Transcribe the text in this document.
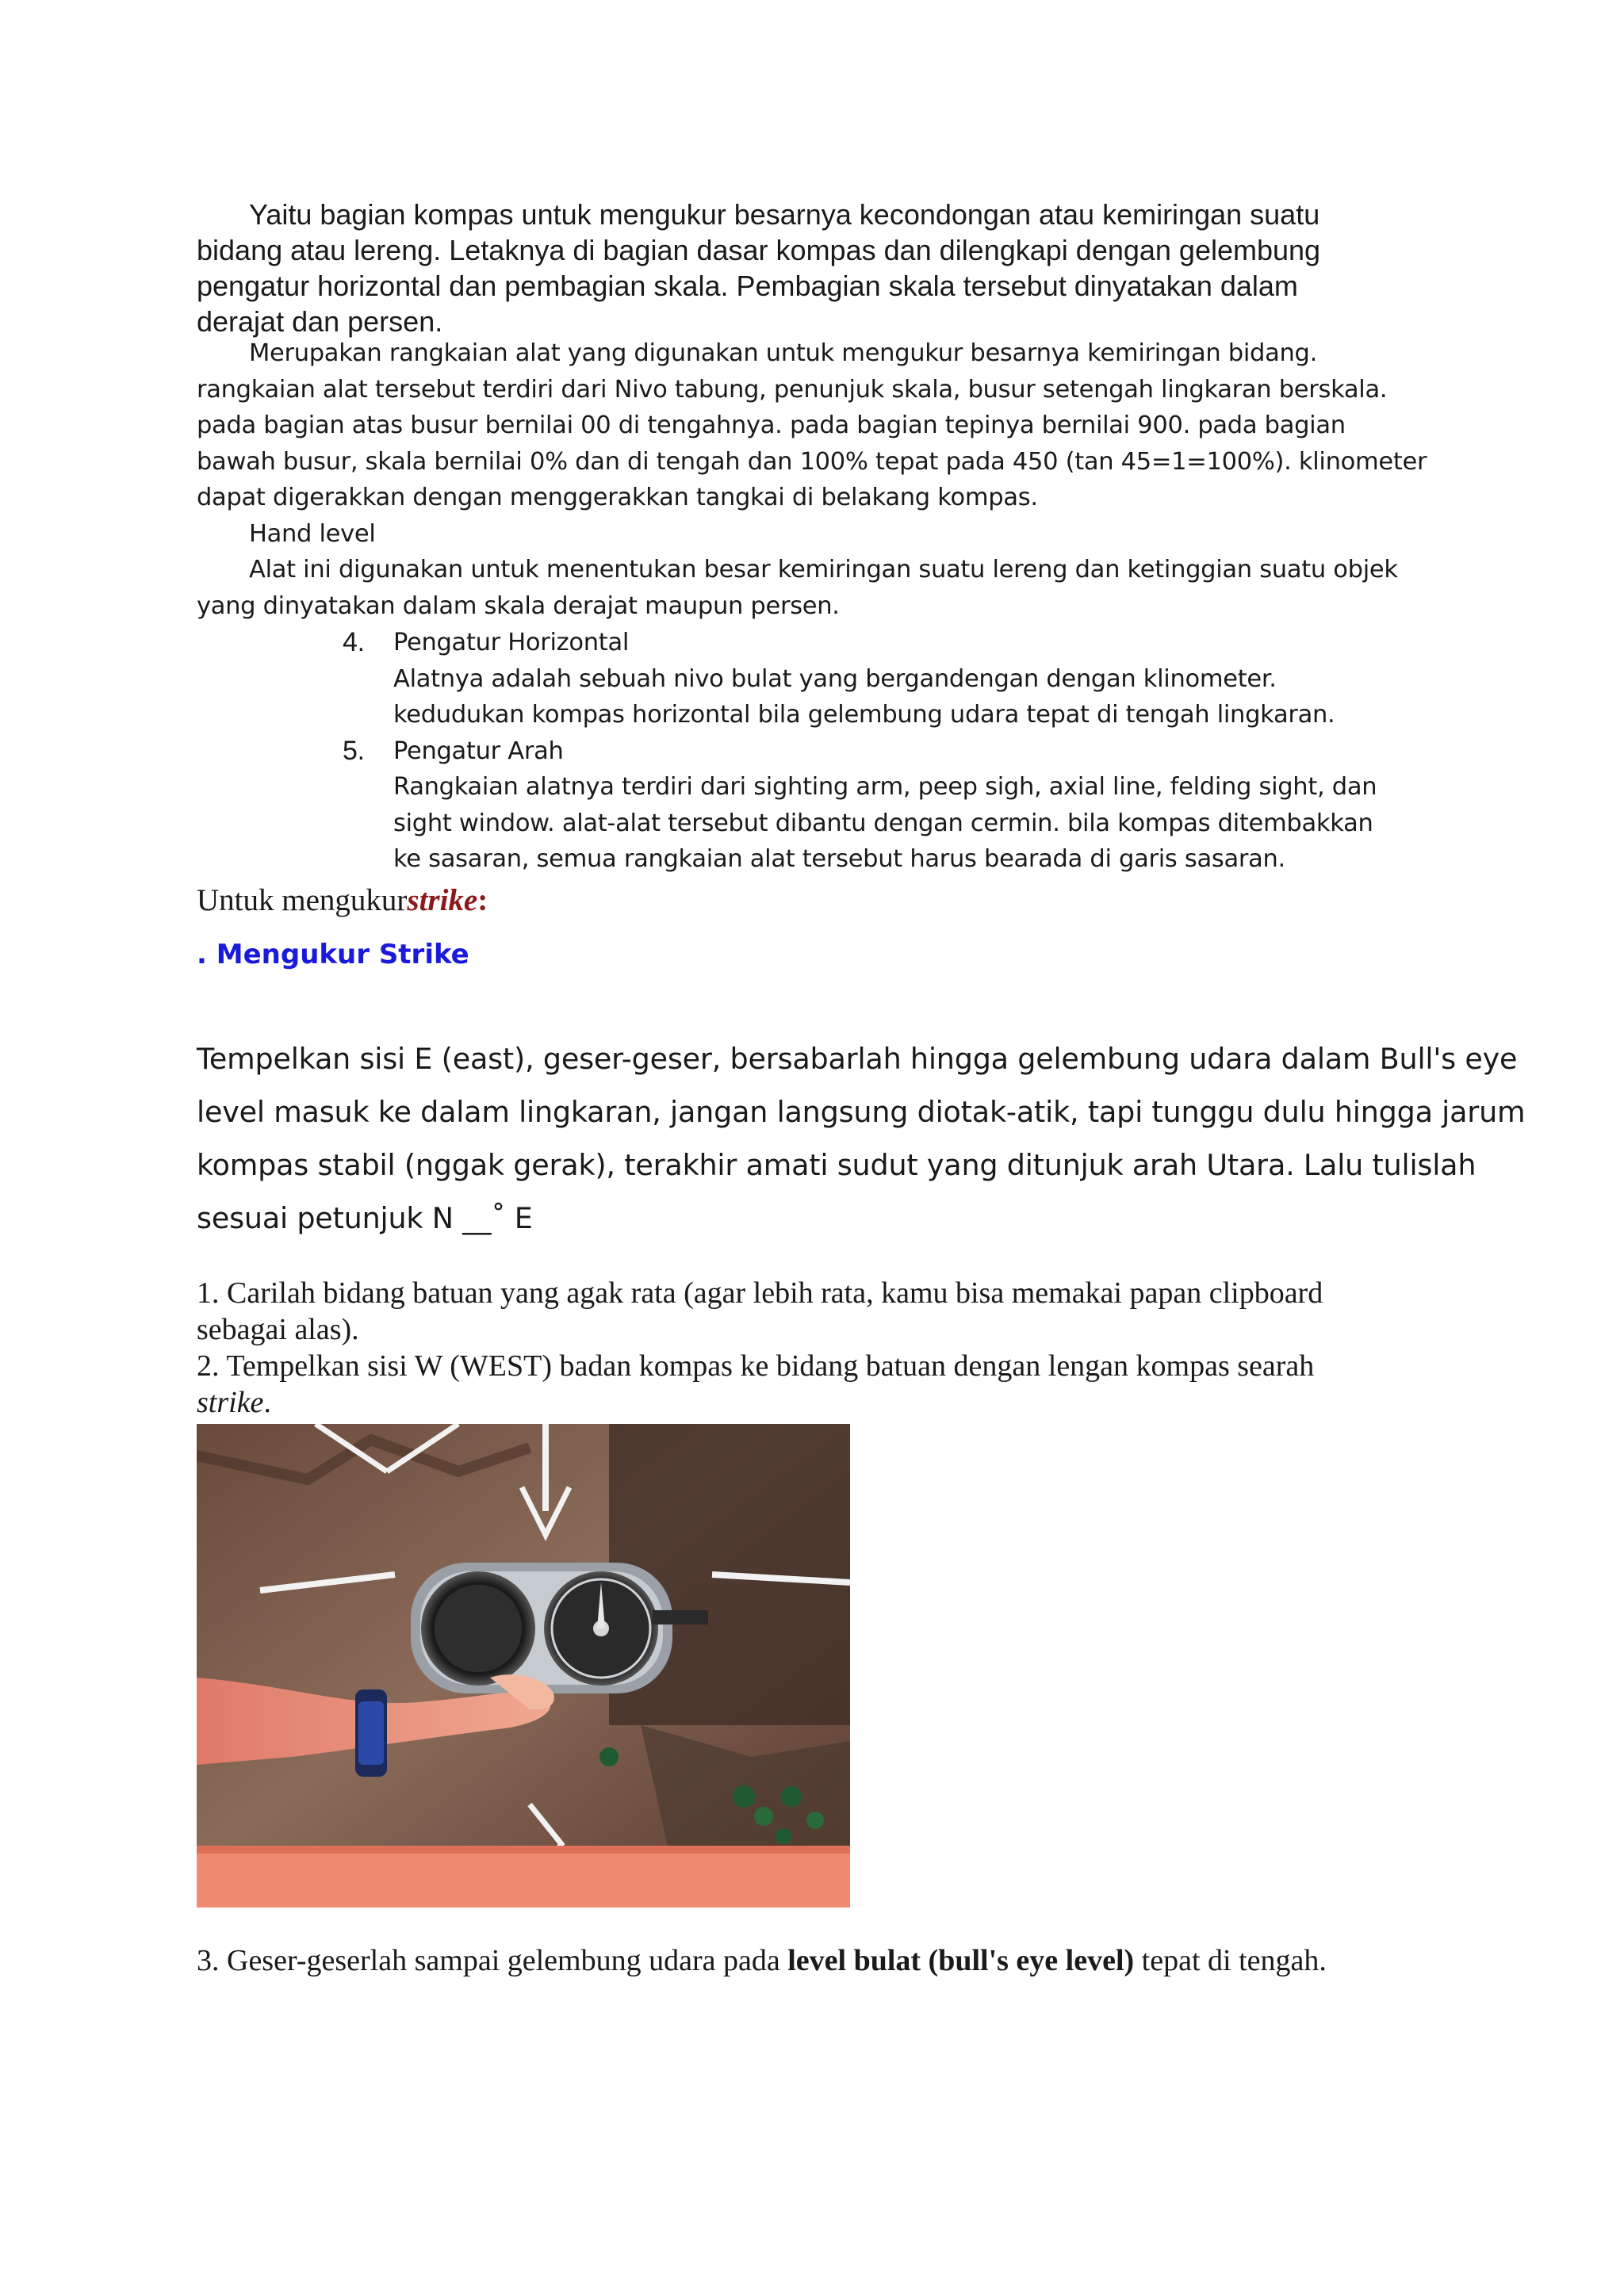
Yaitu bagian kompas untuk mengukur besarnya kecondongan atau kemiringan suatu
bidang atau lereng. Letaknya di bagian dasar kompas dan dilengkapi dengan gelembung
pengatur horizontal dan pembagian skala. Pembagian skala tersebut dinyatakan dalam
derajat dan persen.
Merupakan rangkaian alat yang digunakan untuk mengukur besarnya kemiringan bidang.
rangkaian alat tersebut terdiri dari Nivo tabung, penunjuk skala, busur setengah lingkaran berskala.
pada bagian atas busur bernilai 00 di tengahnya. pada bagian tepinya bernilai 900. pada bagian
bawah busur, skala bernilai 0% dan di tengah dan 100% tepat pada 450 (tan 45=1=100%). klinometer
dapat digerakkan dengan menggerakkan tangkai di belakang kompas.
Hand level
Alat ini digunakan untuk menentukan besar kemiringan suatu lereng dan ketinggian suatu objek
yang dinyatakan dalam skala derajat maupun persen.
4. Pengatur Horizontal
Alatnya adalah sebuah nivo bulat yang bergandengan dengan klinometer.
kedudukan kompas horizontal bila gelembung udara tepat di tengah lingkaran.
5. Pengatur Arah
Rangkaian alatnya terdiri dari sighting arm, peep sigh, axial line, felding sight, dan
sight window. alat-alat tersebut dibantu dengan cermin. bila kompas ditembakkan
ke sasaran, semua rangkaian alat tersebut harus bearada di garis sasaran.
Untuk mengukurstrike:
. Mengukur Strike
Tempelkan sisi E (east), geser-geser, bersabarlah hingga gelembung udara dalam Bull's eye
level masuk ke dalam lingkaran, jangan langsung diotak-atik, tapi tunggu dulu hingga jarum
kompas stabil (nggak gerak), terakhir amati sudut yang ditunjuk arah Utara. Lalu tulislah
sesuai petunjuk N __˚ E
1. Carilah bidang batuan yang agak rata (agar lebih rata, kamu bisa memakai papan clipboard
sebagai alas).
2. Tempelkan sisi W (WEST) badan kompas ke bidang batuan dengan lengan kompas searah
strike.
3. Geser-geserlah sampai gelembung udara pada level bulat (bull's eye level) tepat di tengah.
